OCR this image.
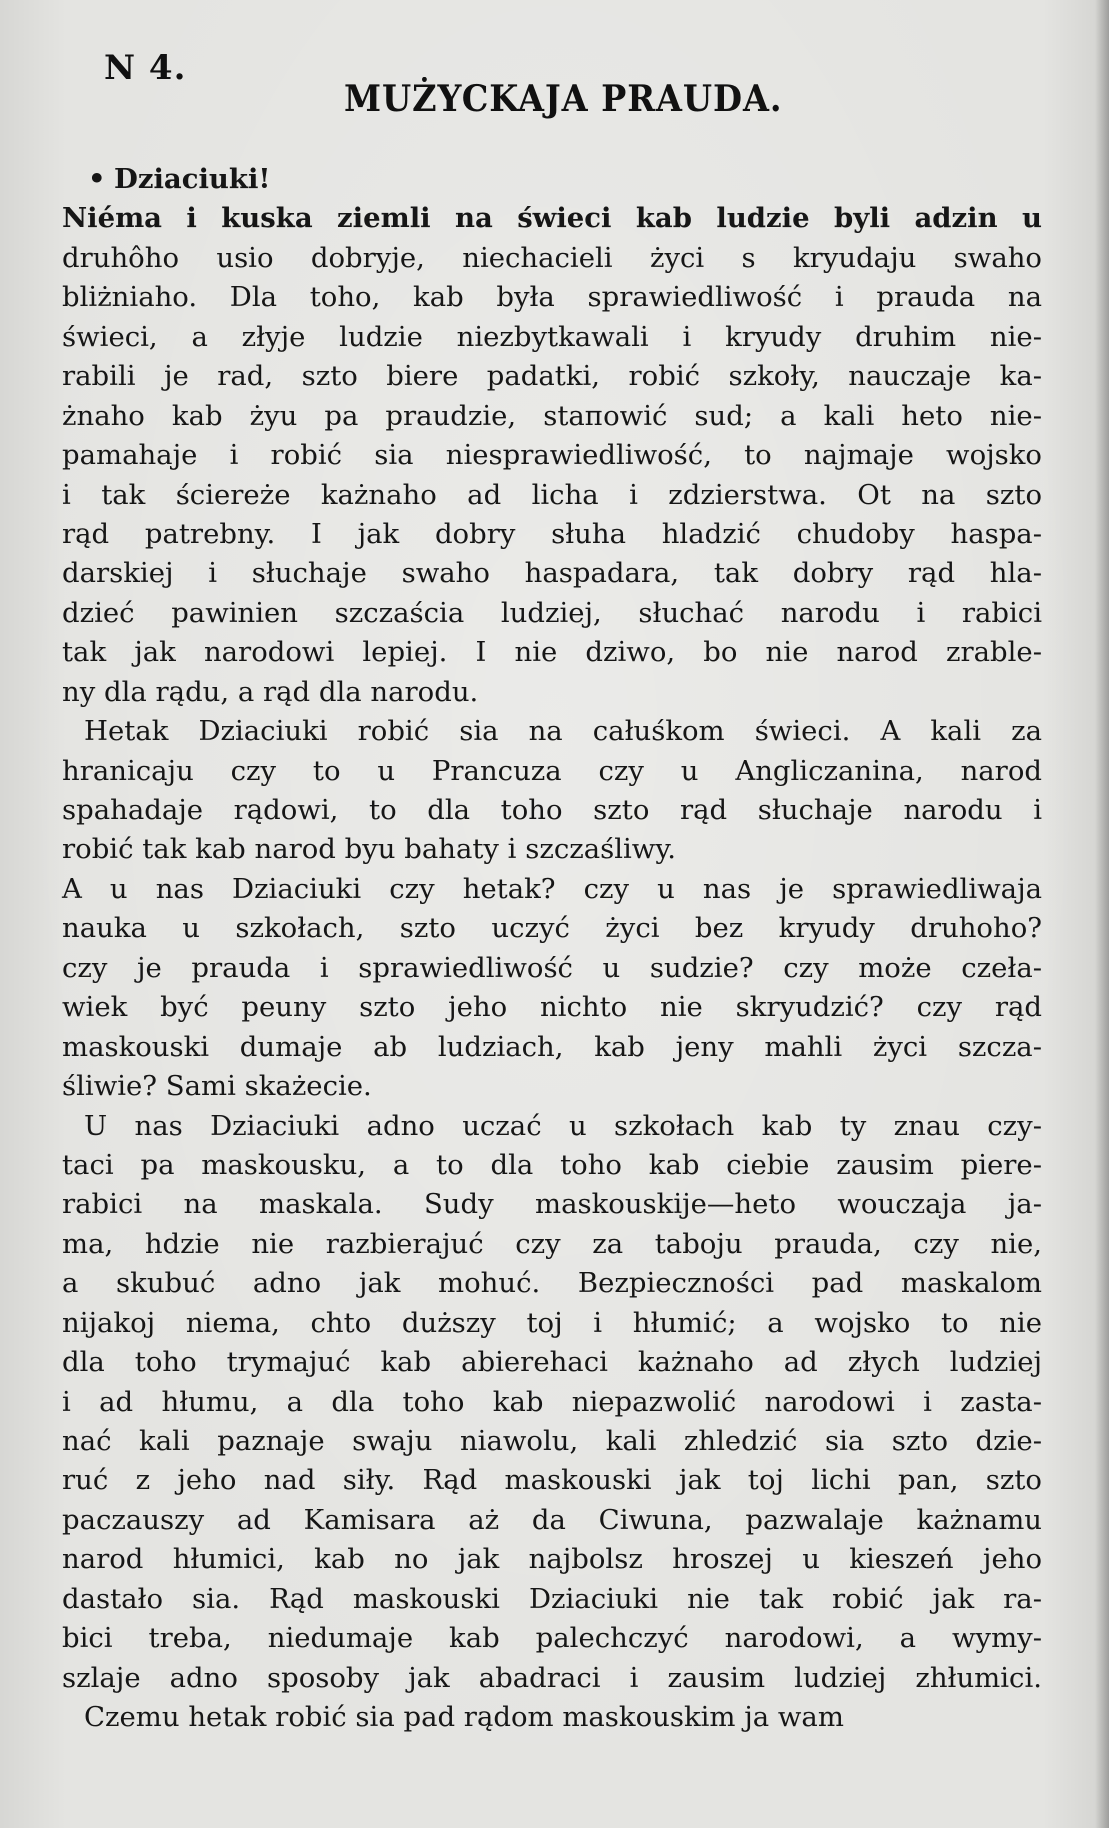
N 4.
MUŻYCKAJA PRAUDA.
• Dziaciuki!
Niéma i kuska ziemli na świeci kab ludzie byli adzin u
druhôho usio dobryje, niechacieli życi s kryudaju swaho
bliżniaho. Dla toho, kab była sprawiedliwość i prauda na
świeci, a złyje ludzie niezbytkawali i kryudy druhim nie-
rabili je rad, szto bierе padatki, robić szkoły, nauczaje ka-
żnaho kab żyu pa praudzie, staпowić sud; a kali heto nie-
pamahaje i robić sia niesprawiedliwość, to najmaje wojsko
i tak ściereże każnaho ad licha i zdzierstwa. Ot na szto
rąd patrebny. I jak dobry słuha hladzić chudoby haspa-
darskiej i słuchaje swaho haspadara, tak dobry rąd hla-
dzieć pawinien szczaścia ludziej, słuchać narodu i rabici
tak jak narodowi lepiej. I nie dziwo, bo nie narod zrable-
ny dla rądu, a rąd dla narodu.
Hetak Dziaciuki robić sia na całuśkom świeci. A kali za
hranicaju czy to u Prancuza czy u Angliczanina, narod
spahadaje rądowi, to dla toho szto rąd słuchaje narodu i
robić tak kab narod byu bahaty i szczaśliwy.
A u nas Dziaciuki czy hetak? czy u nas je sprawiedliwaja
nauka u szkołach, szto uczyć życi bez kryudy druhoho?
czy je prauda i sprawiedliwość u sudzie? czy może czeła-
wiek być peuny szto jeho nichto nie skryudzić? czy rąd
maskouski dumaje ab ludziach, kab jeny mahli życi szcza-
śliwie? Sami skażecie.
U nas Dziaciuki adno uczać u szkołach kab ty znau czy-
taci pa maskousku, a to dla toho kab ciebie zausim piere-
rabici na maskala. Sudy maskouskije—heto wouczaja ja-
ma, hdzie nie razbierajuć czy za taboju prauda, czy nie,
a skubuć adno jak mohuć. Bezpieczności pad maskalom
nijakoj niema, chto duższy toj i hłumić; a wojsko to nie
dla toho trymajuć kab abierehaci każnaho ad złych ludziej
i ad hłumu, a dla toho kab niepazwolić narodowi i zasta-
nać kali paznaje swaju niawolu, kali zhledzić sia szto dzie-
ruć z jeho nad siły. Rąd maskouski jak toj lichi pan, szto
paczauszy ad Kamisara aż da Ciwuna, pazwalaje każnamu
narod hłumici, kab no jak najbolsz hroszej u kieszeń jeho
dastało sia. Rąd maskouski Dziaciuki nie tak robić jak ra-
bici treba, niedumaje kab palechczyć narodowi, a wymy-
szlaje adno sposoby jak abadraci i zausim ludziej zhłumici.
Czemu hetak robić sia pad rądom maskouskim ja wam
